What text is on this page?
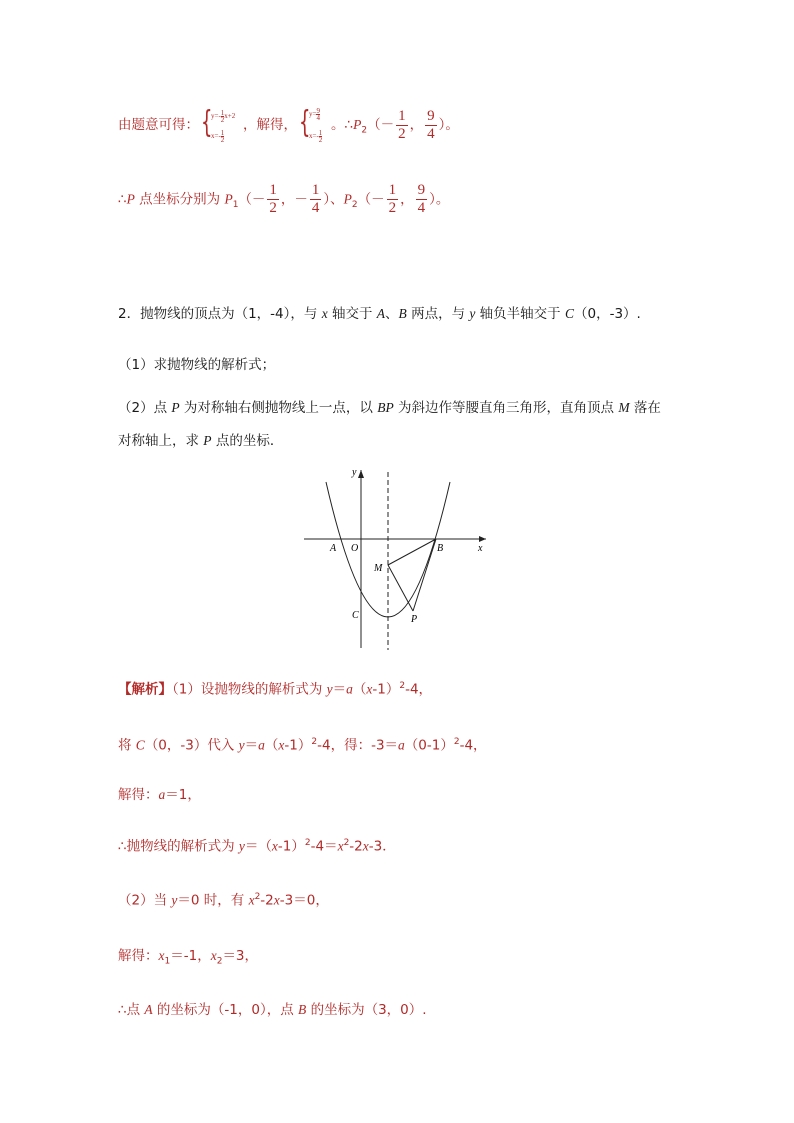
由题意可得： {
$y=- \frac{1}{2} x+2$
$x=- \frac{1}{2}$
，解得， {
$y= \frac{9}{4}$
$x=- \frac{1}{2}$
。$\therefore P_2(- \frac{1}{2}$ ， $\frac{9}{4}$ ）。
∴P 点坐标分别为 $P_1(- \frac{1}{2}$ ，－ $\frac{1}{4}$ ）、$P_2(- \frac{1}{2}$ ， $\frac{9}{4}$ ）。
2．抛物线的顶点为（1，-4），与 x 轴交于 A、B 两点，与 y 轴负半轴交于 C（0，-3）.
（1）求抛物线的解析式；
（2）点 P 为对称轴右侧抛物线上一点，以 BP 为斜边作等腰直角三角形，直角顶点 M 落在
对称轴上，求 P 点的坐标．
y
x
A O	B
M
C	P
【解析】（1）设抛物线的解析式为 $y=a(x-1)^2-4$，
将 C（0，-3）代入 $y=a(x-1)^2-4$，得：$-3=a(0-1)^2-4$，
解得：a＝1，
∴抛物线的解析式为 $y=(x-1)^2-4=x^2-2x-3$．
（2）当 y＝0 时，有 $x^2-2x-3=0$，
解得：$x_1=-1$，$x_2=3$，
∴点 A 的坐标为（-1，0），点 B 的坐标为（3，0）.
